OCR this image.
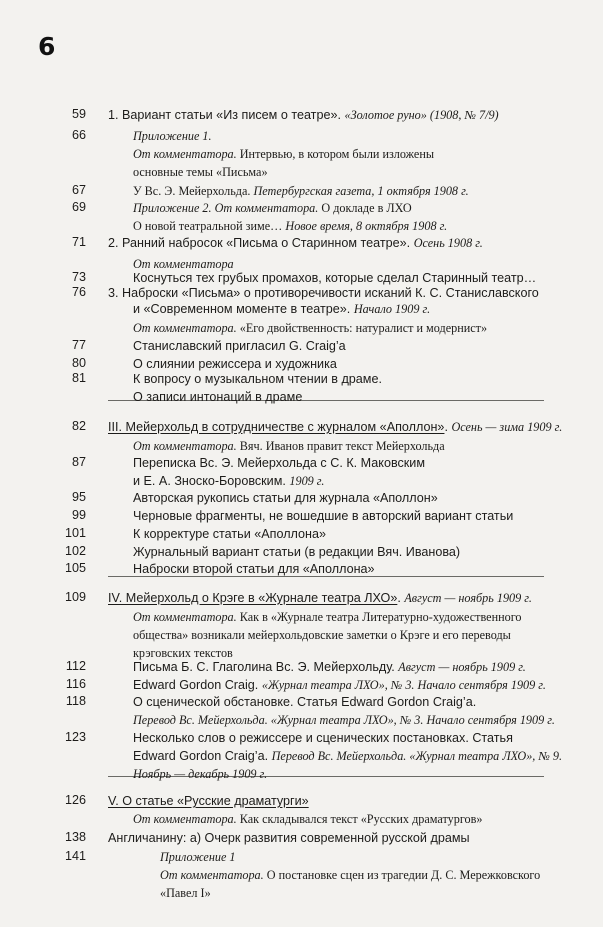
6
59 1. Вариант статьи «Из писем о театре». «Золотое руно» (1908, № 7/9)
66	Приложение 1.
От комментатора. Интервью, в котором были изложены
основные темы «Письма»
67	У Вс. Э. Мейерхольда. Петербургская газета, 1 октября 1908 г.
69	Приложение 2. От комментатора. О докладе в ЛХО
О новой театральной зиме… Новое время, 8 октября 1908 г.
71 2. Ранний набросок «Письма о Старинном театре». Осень 1908 г.
От комментатора
73	Коснуться тех грубых промахов, которые сделал Старинный театр…
76 3. Наброски «Письма» о противоречивости исканий К. С. Станиславского
и «Современном моменте в театре». Начало 1909 г.
От комментатора. «Его двойственность: натуралист и модернист»
77	Станиславский пригласил G. Craig’a
80	О слиянии режиссера и художника
81	К вопросу о музыкальном чтении в драме.
О записи интонаций в драме
82 III. Мейерхольд в сотрудничестве с журналом «Аполлон». Осень — зима 1909 г.
От комментатора. Вяч. Иванов правит текст Мейерхольда
87	Переписка Вс. Э. Мейерхольда с С. К. Маковским
и Е. А. Зноско-Боровским. 1909 г.
95	Авторская рукопись статьи для журнала «Аполлон»
99	Черновые фрагменты, не вошедшие в авторский вариант статьи
101	К корректуре статьи «Аполлона»
102	Журнальный вариант статьи (в редакции Вяч. Иванова)
105	Наброски второй статьи для «Аполлона»
109 IV. Мейерхольд о Крэге в «Журнале театра ЛХО». Август — ноябрь 1909 г.
От комментатора. Как в «Журнале театра Литературно-художественного
общества» возникали мейерхольдовские заметки о Крэге и его переводы
крэговских текстов
112	Письма Б. С. Глаголина Вс. Э. Мейерхольду. Август — ноябрь 1909 г.
116	Edward Gordon Craig. «Журнал театра ЛХО», № 3. Начало сентября 1909 г.
118	О сценической обстановке. Статья Edward Gordon Craig’a.
Перевод Вс. Мейерхольда. «Журнал театра ЛХО», № 3. Начало сентября 1909 г.
123	Несколько слов о режиссере и сценических постановках. Статья
Edward Gordon Craig’a. Перевод Вс. Мейерхольда. «Журнал театра ЛХО», № 9.
Ноябрь — декабрь 1909 г.
126 V. О статье «Русские драматурги»
От комментатора. Как складывался текст «Русских драматургов»
138 Англичанину: а) Очерк развития современной русской драмы
141	Приложение 1
От комментатора. О постановке сцен из трагедии Д. С. Мережковского
«Павел I»
